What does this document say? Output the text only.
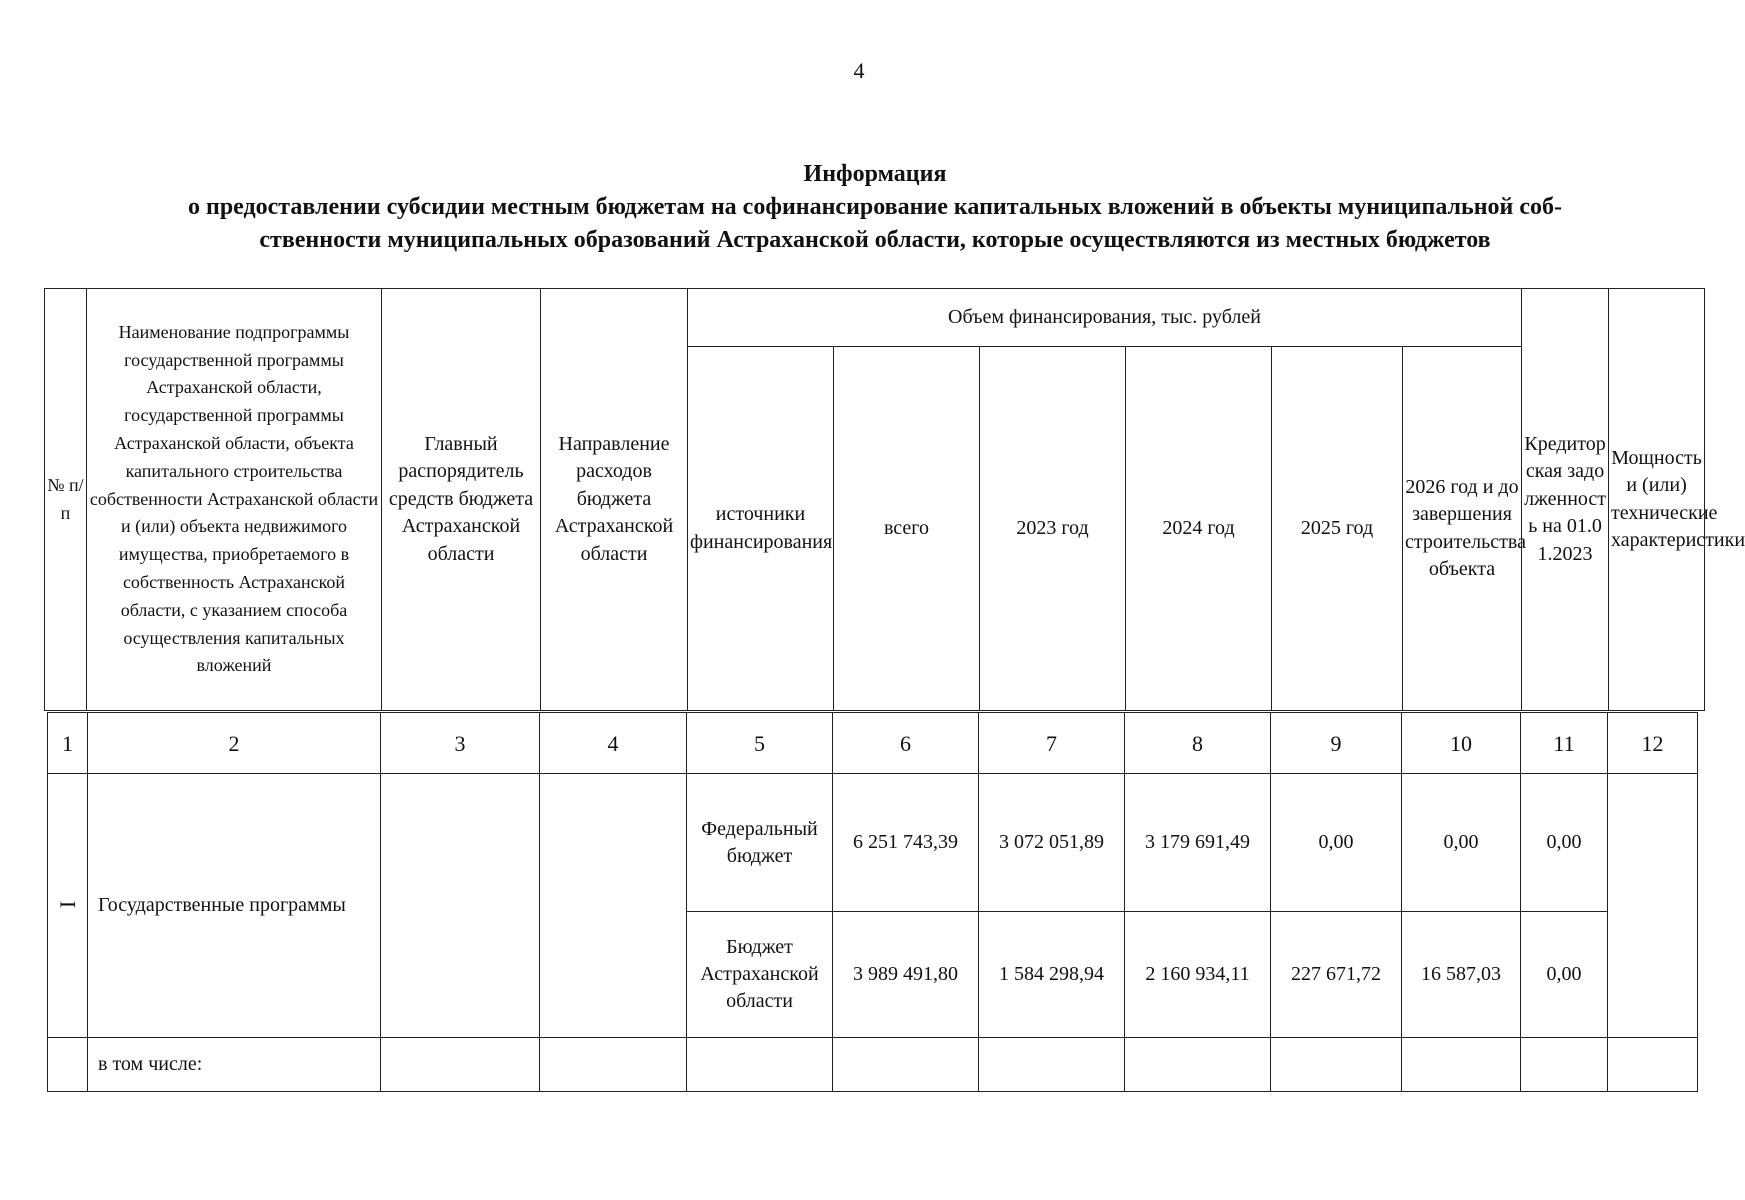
4
Информация
о предоставлении субсидии местным бюджетам на софинансирование капитальных вложений в объекты муниципальной соб-
ственности муниципальных образований Астраханской области, которые осуществляются из местных бюджетов
№ п/п	Наименование подпрограммы государственной программы Астраханской области, государственной программы Астраханской области, объекта капитального строительства собственности Астраханской области и (или) объекта недвижимого имущества, приобретаемого в собственность Астраханской области, с указанием способа осуществления капитальных вложений	Главный распорядитель средств бюджета Астраханской области	Направление расходов бюджета Астраханской области	Объем финансирования, тыс. рублей						Кредиторская задолженность на 01.01.2023	Мощность и (или) технические характеристики
				источники финансирования	всего	2023 год	2024 год	2025 год	2026 год и до завершения строительства объекта		
1	2	3	4	5	6	7	8	9	10	11	12
I	Государственные программы			Федеральный бюджет	6 251 743,39	3 072 051,89	3 179 691,49	0,00	0,00	0,00	
				Бюджет Астраханской области	3 989 491,80	1 584 298,94	2 160 934,11	227 671,72	16 587,03	0,00	
	в том числе:										
